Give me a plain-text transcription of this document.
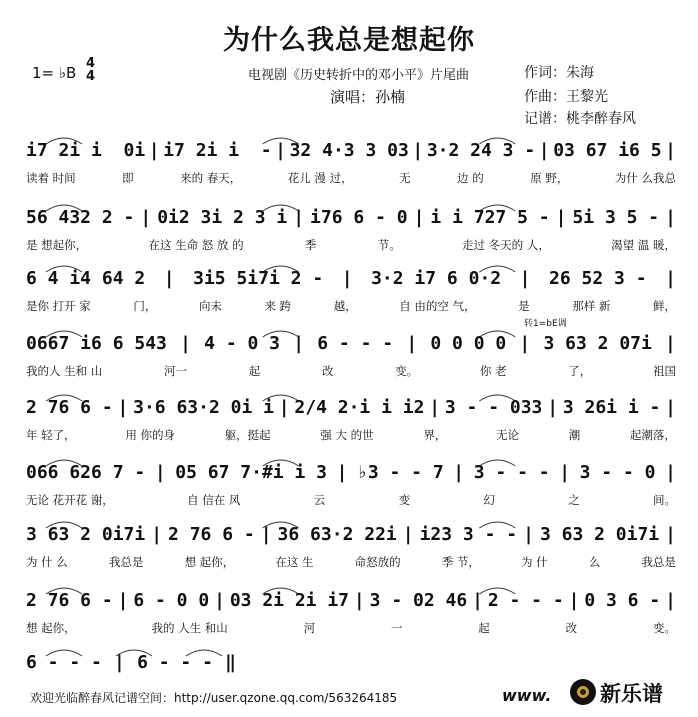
为什么我总是想起你
1= ♭B
4
4	电视剧《历史转折中的邓小平》片尾曲
演唱：孙楠
作词：朱海
作曲：王黎光
记谱：桃李醉春风
转1=bE调
i7 2i i  0i | i7 2i i  - | 32 4·3 3 03 | 3·2 24 3 - | 03 67 i6 5 |
读着 时间	即	来的 春天，	花儿 漫 过，	无	边 的	原 野，	为什 么我总
56 432 2 - | 0i2 3i 2 3 i | i76 6 - 0 | i i 727 5 - | 5i 3 5 - |
是 想起你，	在这 生命 怒 放 的	季	节。	走过 冬天的 人，	渴望 温 暖，
6 4 i4 64 2 | 3i5 5i7i 2 - | 3·2 i7 6 0·2 | 26 52 3 - |
是你 打开 家	门，	向未	来 跨	越，	自 由的空 气，	是	那样 新	鲜，
0667 i6 6 543 | 4 - 0 3 | 6 - - - | 0 0 0 0 | 3 63 2 07i |
我的人 生和 山	河一	起	改	变。	你 老	了，	祖国
2 76 6 - | 3·6 63·2 0i i | 2/4 2·i i i2 | 3 - - 033 | 3 26i i - |
年 轻了，	用 你的身	躯，挺起	强 大 的世	界，	无论	潮	起潮落，
066 626 7 - | 05 67 7·#i i 3 | ♭3 - - 7 | 3 - - - | 3 - - 0 |
无论 花开花 谢，	自 信在 风	云	变	幻	之	间。
3 63 2 0i7i | 2 76 6 - | 36 63·2 22i | i23 3 - - | 3 63 2 0i7i |
为 什 么	我总是	想 起你，	在这 生	命怒放的	季 节，	为 什	么	我总是
2 76 6 - | 6 - 0 0 | 03 2i 2i i7 | 3 - 02 46 | 2 - - - | 0 3 6 - |
想 起你，	我的 人生 和山	河	一	起	改	变。
6 - - - | 6 - - - ‖
欢迎光临醉春风记谱空间：http://user.qzone.qq.com/563264185	www. 新乐谱
